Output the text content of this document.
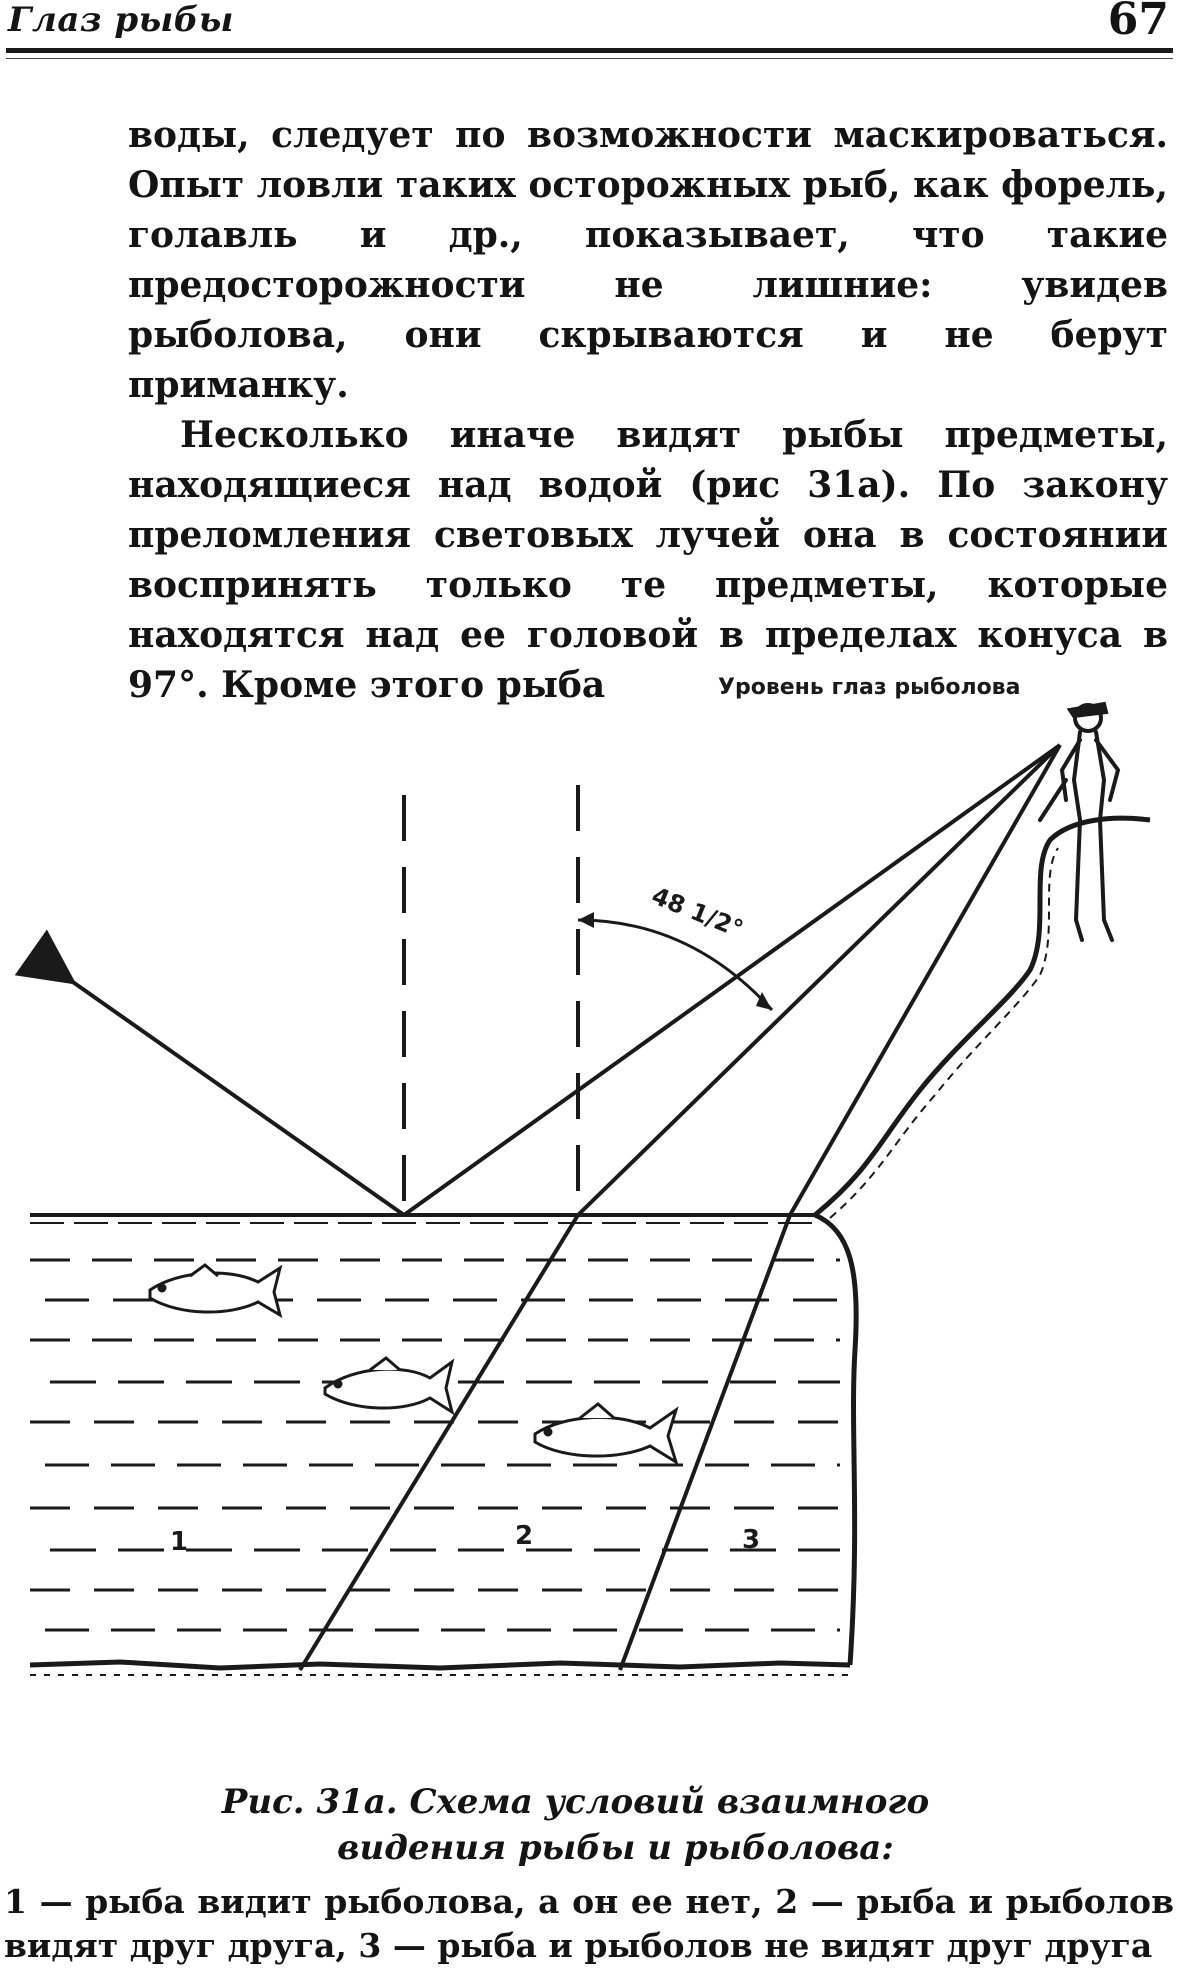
Глаз рыбы	67

воды, следует по возможности маскироваться. Опыт ловли таких осторожных рыб, как форель, голавль и др., показывает, что такие предосторожности не лишние: увидев рыболова, они скрываются и не берут приманку.

Несколько иначе видят рыбы предметы, находящиеся над водой (рис 31а). По закону преломления световых лучей она в состоянии воспринять только те предметы, которые находятся над ее головой в пределах конуса в 97°. Кроме этого рыба	Уровень глаз рыболова
48 1/2°
1	2	3
Рис. 31а. Схема условий взаимного
видения рыбы и рыболова:
1 — рыба видит рыболова, а он ее нет, 2 — рыба и рыболов видят друг друга, 3 — рыба и рыболов не видят друг друга
